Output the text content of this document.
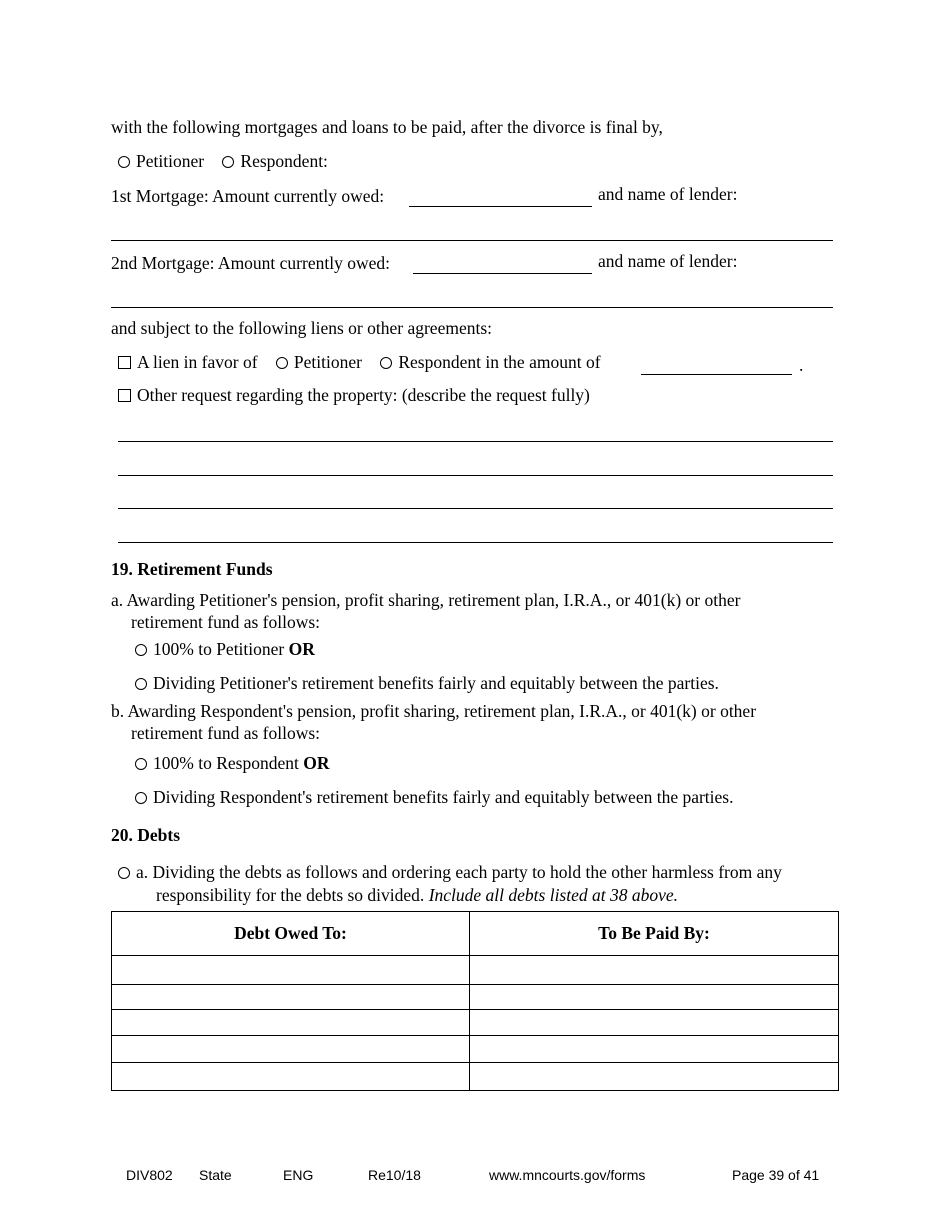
with the following mortgages and loans to be paid, after the divorce is final by,
Petitioner Respondent:
1st Mortgage: Amount currently owed:	and name of lender:
2nd Mortgage: Amount currently owed:	and name of lender:
and subject to the following liens or other agreements:
A lien in favor of Petitioner Respondent in the amount of	.
Other request regarding the property: (describe the request fully)
19. Retirement Funds
a. Awarding Petitioner's pension, profit sharing, retirement plan, I.R.A., or 401(k) or other
retirement fund as follows:
100% to Petitioner OR
Dividing Petitioner's retirement benefits fairly and equitably between the parties.
b. Awarding Respondent's pension, profit sharing, retirement plan, I.R.A., or 401(k) or other
retirement fund as follows:
100% to Respondent OR
Dividing Respondent's retirement benefits fairly and equitably between the parties.
20. Debts
a. Dividing the debts as follows and ordering each party to hold the other harmless from any
responsibility for the debts so divided. Include all debts listed at 38 above.
Debt Owed To:	To Be Paid By:

DIV802 State	ENG	Re10/18	www.mncourts.gov/forms	Page 39 of 41
